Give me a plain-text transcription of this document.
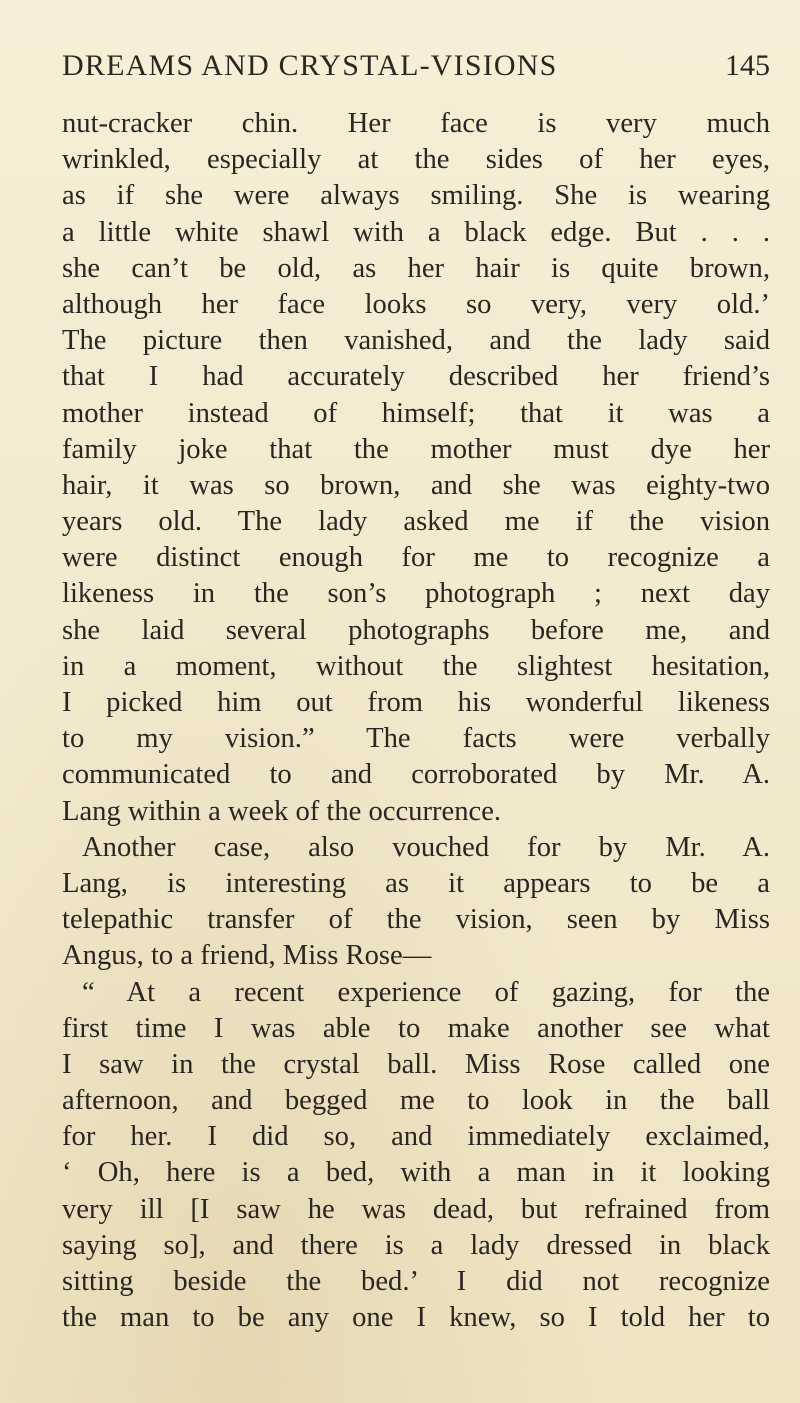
DREAMS AND CRYSTAL-VISIONS	145
nut-cracker chin. Her face is very much
wrinkled, especially at the sides of her eyes,
as if she were always smiling. She is wearing
a little white shawl with a black edge. But . . .
she can’t be old, as her hair is quite brown,
although her face looks so very, very old.’
The picture then vanished, and the lady said
that I had accurately described her friend’s
mother instead of himself; that it was a
family joke that the mother must dye her
hair, it was so brown, and she was eighty-two
years old. The lady asked me if the vision
were distinct enough for me to recognize a
likeness in the son’s photograph ; next day
she laid several photographs before me, and
in a moment, without the slightest hesitation,
I picked him out from his wonderful likeness
to my vision.” The facts were verbally
communicated to and corroborated by Mr. A.
Lang within a week of the occurrence.
Another case, also vouched for by Mr. A.
Lang, is interesting as it appears to be a
telepathic transfer of the vision, seen by Miss
Angus, to a friend, Miss Rose—
“ At a recent experience of gazing, for the
first time I was able to make another see what
I saw in the crystal ball. Miss Rose called one
afternoon, and begged me to look in the ball
for her. I did so, and immediately exclaimed,
‘ Oh, here is a bed, with a man in it looking
very ill [I saw he was dead, but refrained from
saying so], and there is a lady dressed in black
sitting beside the bed.’ I did not recognize
the man to be any one I knew, so I told her to
